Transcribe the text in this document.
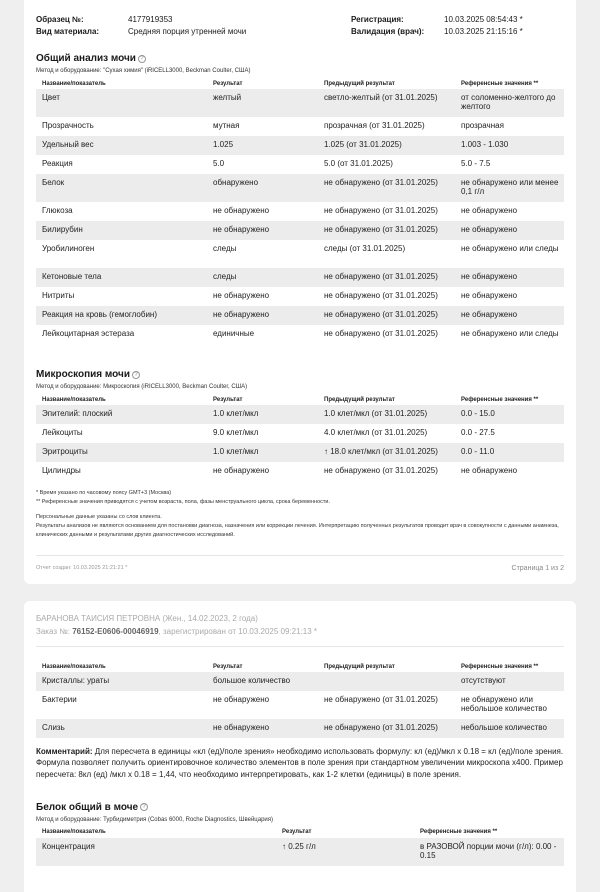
Образец №:	4177919353
Вид материала:	Средняя порция утренней мочи
Регистрация:	10.03.2025 08:54:43 *
Валидация (врач):	10.03.2025 21:15:16 *
Общий анализ мочи ?
Метод и оборудование: "Сухая химия" (iRICELL3000, Beckman Coulter, США)
Название/показатель	Результат	Предыдущий результат	Референсные значения **
Цвет	желтый	светло-желтый (от 31.01.2025)	от соломенно-желтого до желтого
Прозрачность	мутная	прозрачная (от 31.01.2025)	прозрачная
Удельный вес	1.025	1.025 (от 31.01.2025)	1.003 - 1.030
Реакция	5.0	5.0 (от 31.01.2025)	5.0 - 7.5
Белок	обнаружено	не обнаружено (от 31.01.2025)	не обнаружено или менее 0,1 г/л
Глюкоза	не обнаружено	не обнаружено (от 31.01.2025)	не обнаружено
Билирубин	не обнаружено	не обнаружено (от 31.01.2025)	не обнаружено
Уробилиноген	следы	следы (от 31.01.2025)	не обнаружено или следы
Кетоновые тела	следы	не обнаружено (от 31.01.2025)	не обнаружено
Нитриты	не обнаружено	не обнаружено (от 31.01.2025)	не обнаружено
Реакция на кровь (гемоглобин)	не обнаружено	не обнаружено (от 31.01.2025)	не обнаружено
Лейкоцитарная эстераза	единичные	не обнаружено (от 31.01.2025)	не обнаружено или следы
Микроскопия мочи ?
Метод и оборудование: Микроскопия (iRICELL3000, Beckman Coulter, США)
Название/показатель	Результат	Предыдущий результат	Референсные значения **
Эпителий: плоский	1.0 клет/мкл	1.0 клет/мкл (от 31.01.2025)	0.0 - 15.0
Лейкоциты	9.0 клет/мкл	4.0 клет/мкл (от 31.01.2025)	0.0 - 27.5
Эритроциты	1.0 клет/мкл	↑ 18.0 клет/мкл (от 31.01.2025)	0.0 - 11.0
Цилиндры	не обнаружено	не обнаружено (от 31.01.2025)	не обнаружено
* Время указано по часовому поясу GMT+3 (Москва)
** Референсные значения приводятся с учетом возраста, пола, фазы менструального цикла, срока беременности.
Персональные данные указаны со слов клиента.
Результаты анализов не являются основанием для постановки диагноза, назначения или коррекции лечения. Интерпретацию полученных результатов проводит врач в совокупности с данными анамнеза, клинических данными и результатами других диагностических исследований.
Отчет создан: 10.03.2025 21:21:21 *	Страница 1 из 2
БАРАНОВА ТАИСИЯ ПЕТРОВНА (Жен., 14.02.2023, 2 года)
Заказ №: 76152-E0606-00046919, зарегистрирован от 10.03.2025 09:21:13 *
Название/показатель	Результат	Предыдущий результат	Референсные значения **
Кристаллы: ураты	большое количество		отсутствуют
Бактерии	не обнаружено	не обнаружено (от 31.01.2025)	не обнаружено или небольшое количество
Слизь	не обнаружено	не обнаружено (от 31.01.2025)	небольшое количество
Комментарий: Для пересчета в единицы «кл (ед)/поле зрения» необходимо использовать формулу: кл (ед)/мкл х 0.18 = кл (ед)/поле зрения. Формула позволяет получить ориентировочное количество элементов в поле зрения при стандартном увеличении микроскопа х400. Пример пересчета: 8кл (ед) /мкл х 0.18 = 1,44, что необходимо интерпретировать, как 1-2 клетки (единицы) в поле зрения.
Белок общий в моче ?
Метод и оборудование: Турбидиметрия (Cobas 6000, Roche Diagnostics, Швейцария)
Название/показатель	Результат	Референсные значения **
Концентрация	↑ 0.25 г/л	в РАЗОВОЙ порции мочи (г/л): 0.00 - 0.15
